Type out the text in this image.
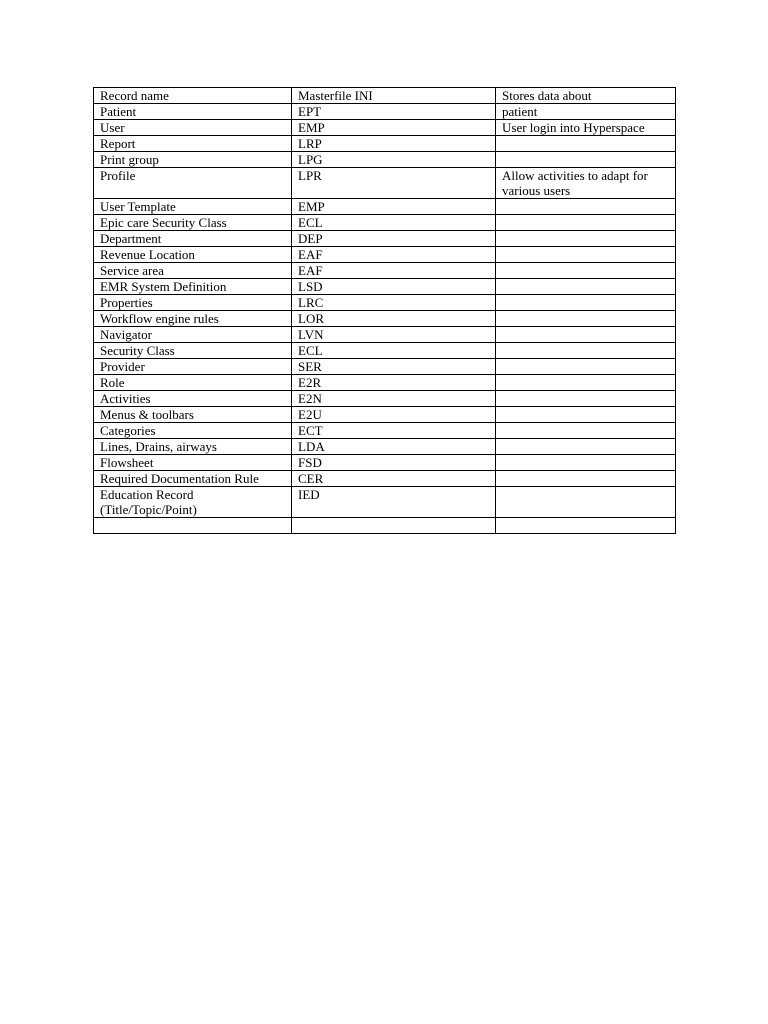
Record name	Masterfile INI	Stores data about
Patient	EPT	patient
User	EMP	User login into Hyperspace
Report	LRP	
Print group	LPG	
Profile	LPR	Allow activities to adapt for various users
User Template	EMP	
Epic care Security Class	ECL	
Department	DEP	
Revenue Location	EAF	
Service area	EAF	
EMR System Definition	LSD	
Properties	LRC	
Workflow engine rules	LOR	
Navigator	LVN	
Security Class	ECL	
Provider	SER	
Role	E2R	
Activities	E2N	
Menus & toolbars	E2U	
Categories	ECT	
Lines, Drains, airways	LDA	
Flowsheet	FSD	
Required Documentation Rule	CER	
Education Record (Title/Topic/Point)	IED	
